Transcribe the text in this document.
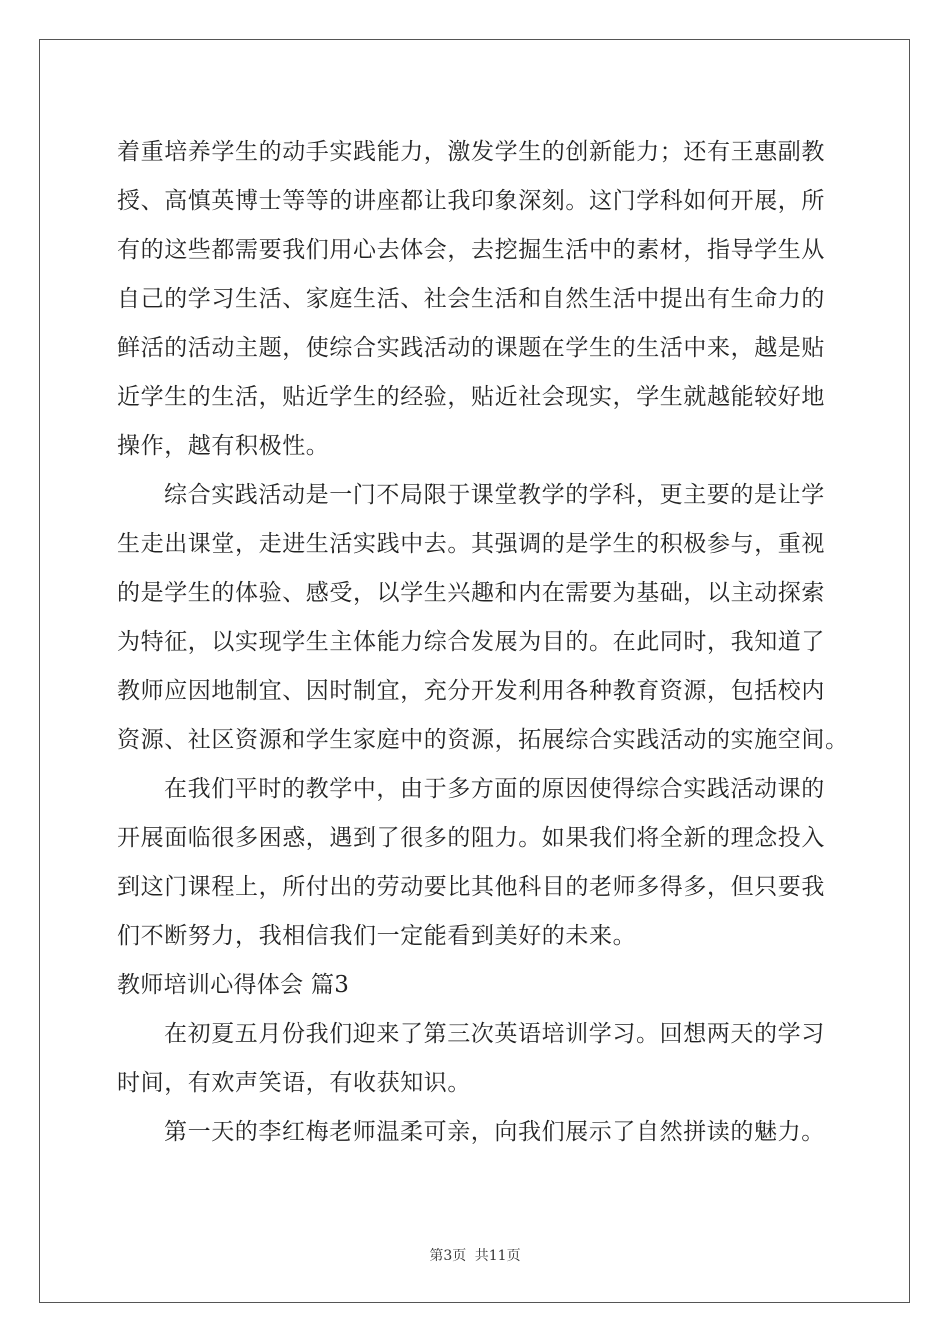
着重培养学生的动手实践能力，激发学生的创新能力；还有王惠副教
授、高慎英博士等等的讲座都让我印象深刻。这门学科如何开展，所
有的这些都需要我们用心去体会，去挖掘生活中的素材，指导学生从
自己的学习生活、家庭生活、社会生活和自然生活中提出有生命力的
鲜活的活动主题，使综合实践活动的课题在学生的生活中来，越是贴
近学生的生活，贴近学生的经验，贴近社会现实，学生就越能较好地
操作，越有积极性。
综合实践活动是一门不局限于课堂教学的学科，更主要的是让学
生走出课堂，走进生活实践中去。其强调的是学生的积极参与，重视
的是学生的体验、感受，以学生兴趣和内在需要为基础，以主动探索
为特征，以实现学生主体能力综合发展为目的。在此同时，我知道了
教师应因地制宜、因时制宜，充分开发利用各种教育资源，包括校内
资源、社区资源和学生家庭中的资源，拓展综合实践活动的实施空间。
在我们平时的教学中，由于多方面的原因使得综合实践活动课的
开展面临很多困惑，遇到了很多的阻力。如果我们将全新的理念投入
到这门课程上，所付出的劳动要比其他科目的老师多得多，但只要我
们不断努力，我相信我们一定能看到美好的未来。
教师培训心得体会 篇3
在初夏五月份我们迎来了第三次英语培训学习。回想两天的学习
时间，有欢声笑语，有收获知识。
第一天的李红梅老师温柔可亲，向我们展示了自然拼读的魅力。
第3页 共11页
